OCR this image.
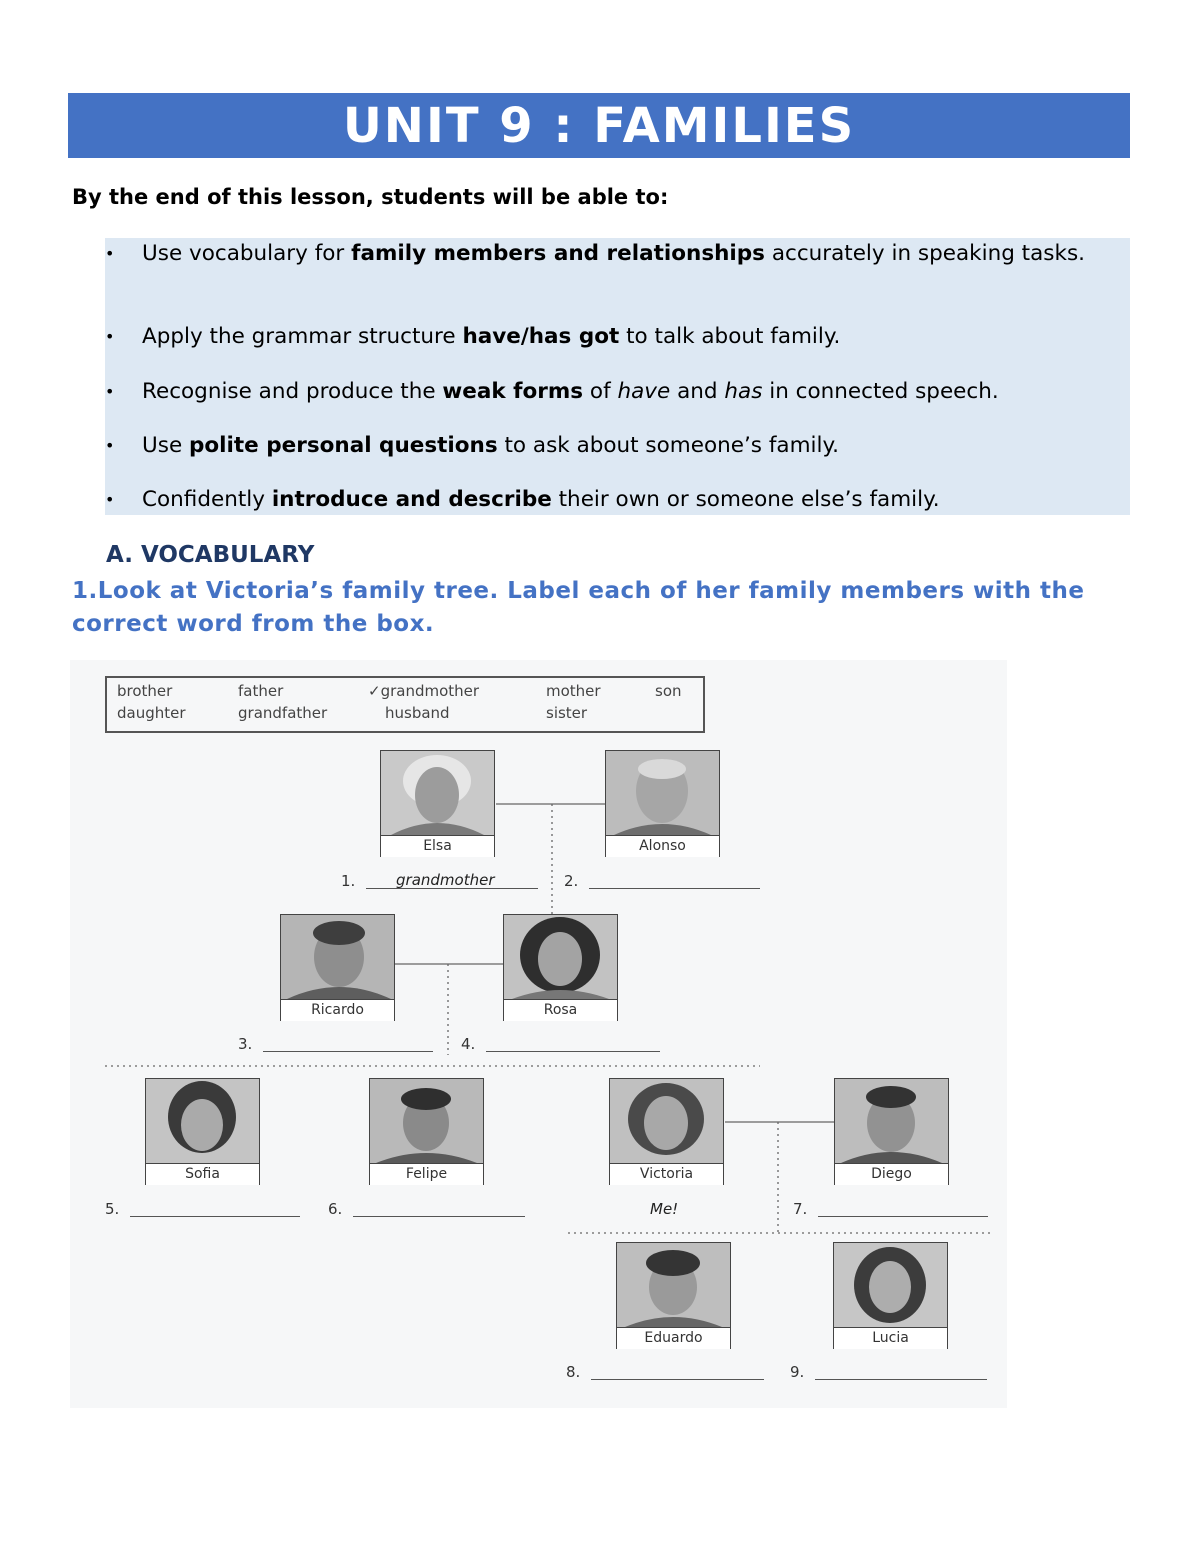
UNIT 9 : FAMILIES
By the end of this lesson, students will be able to:
• Use vocabulary for family members and relationships accurately in speaking tasks.
• Apply the grammar structure have/has got to talk about family.
• Recognise and produce the weak forms of have and has in connected speech.
• Use polite personal questions to ask about someone’s family.
• Confidently introduce and describe their own or someone else’s family.
A. VOCABULARY
1.Look at Victoria’s family tree. Label each of her family members with the correct word from the box.
brother	father	✓grandmother	mother	son
daughter	grandfather	husband	sister
Elsa	Alonso
1.	grandmother	2.
Ricardo	Rosa
3.	4.
Sofia	Felipe	Victoria	Diego
5.	6.	Me!	7.
Eduardo	Lucia
8.	9.
